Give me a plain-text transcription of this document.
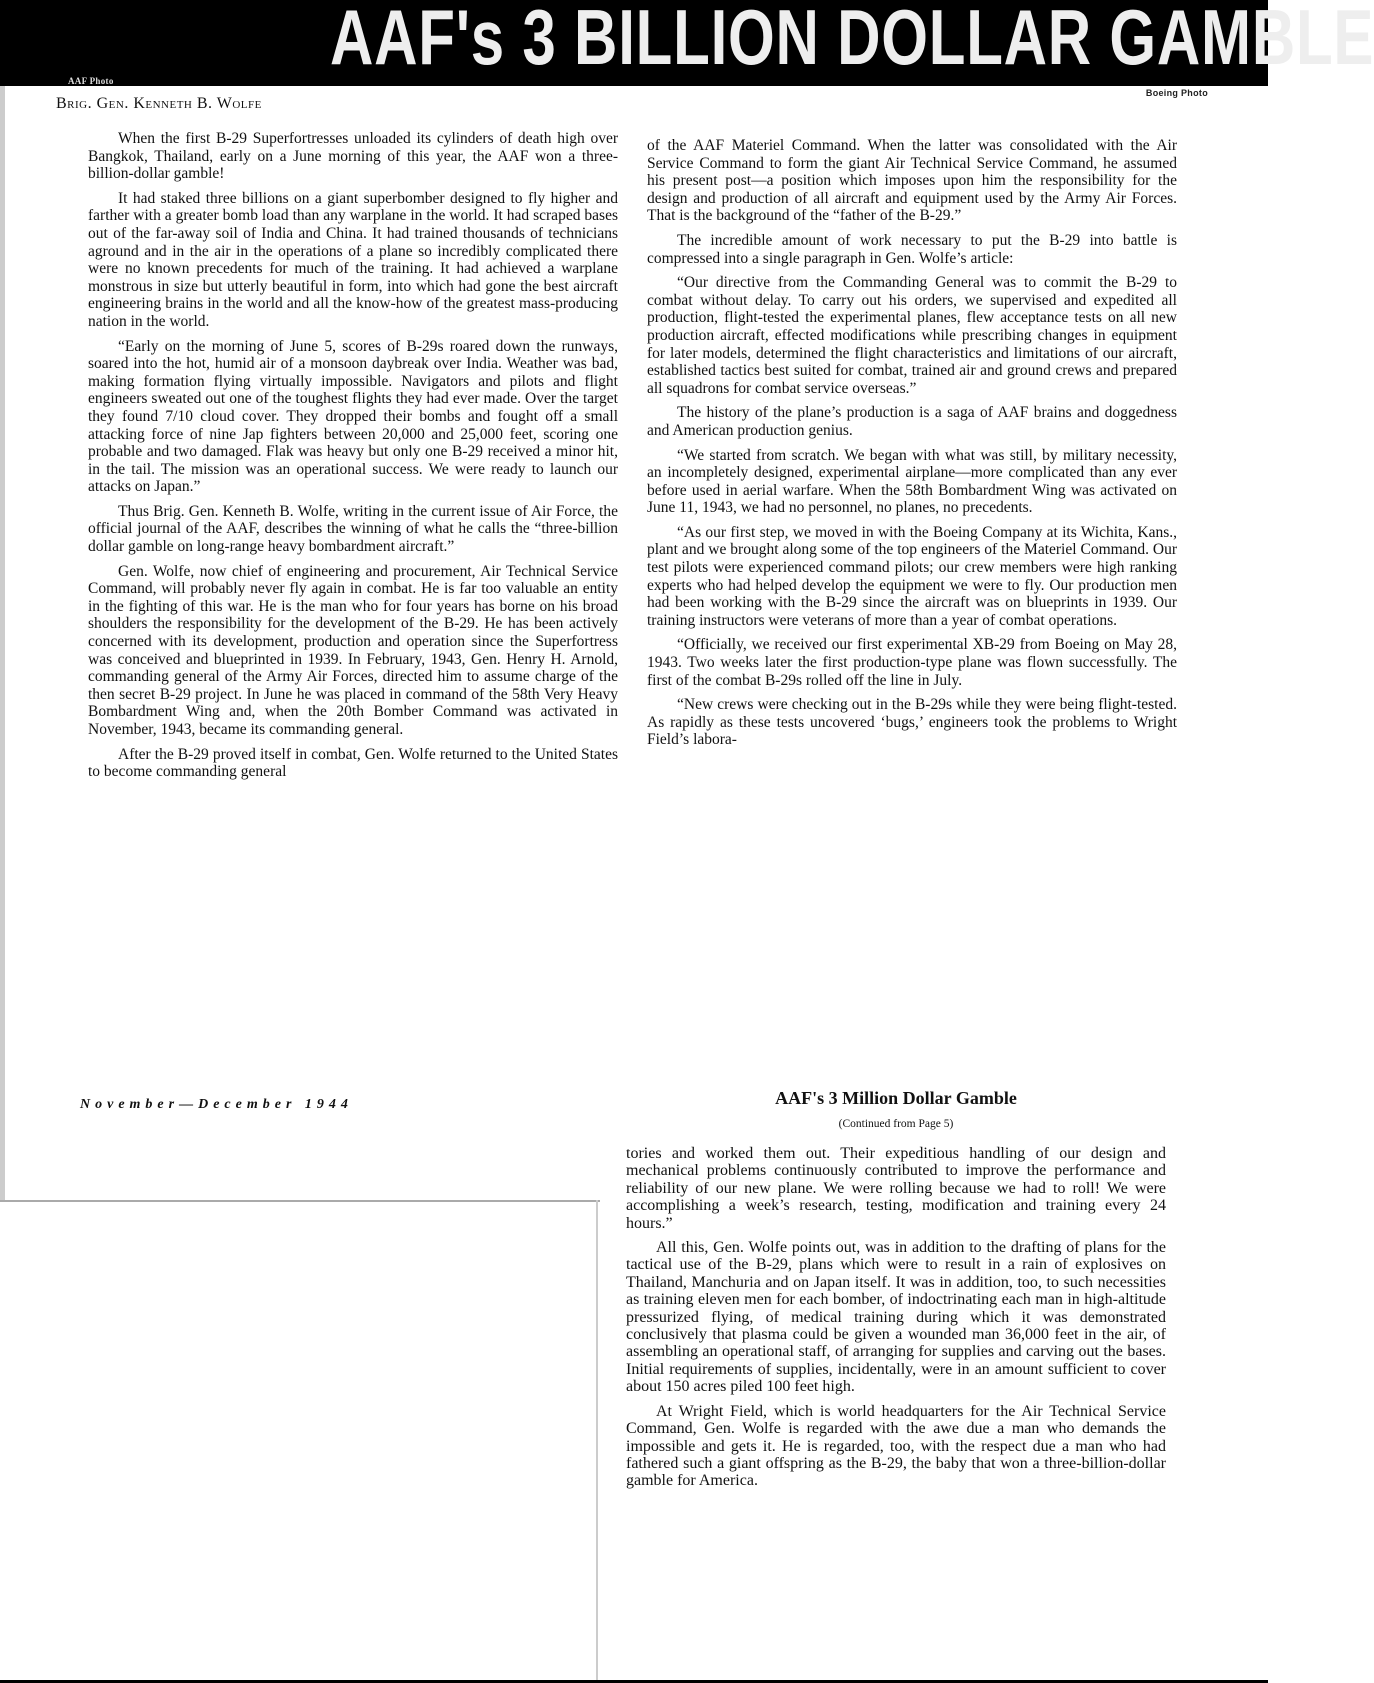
AAF's 3 BILLION DOLLAR GAMBLE
AAF Photo
Boeing Photo
Brig. Gen. Kenneth B. Wolfe

When the first B-29 Superfortresses unloaded its cylinders of death high over Bangkok, Thailand, early on a June morning of this year, the AAF won a three-billion-dollar gamble!

It had staked three billions on a giant superbomber designed to fly higher and farther with a greater bomb load than any warplane in the world. It had scraped bases out of the far-away soil of India and China. It had trained thousands of technicians aground and in the air in the operations of a plane so incredibly complicated there were no known precedents for much of the training. It had achieved a warplane monstrous in size but utterly beautiful in form, into which had gone the best aircraft engineering brains in the world and all the know-how of the greatest mass-producing nation in the world.

“Early on the morning of June 5, scores of B-29s roared down the runways, soared into the hot, humid air of a monsoon daybreak over India. Weather was bad, making formation flying virtually impossible. Navigators and pilots and flight engineers sweated out one of the toughest flights they had ever made. Over the target they found 7/10 cloud cover. They dropped their bombs and fought off a small attacking force of nine Jap fighters between 20,000 and 25,000 feet, scoring one probable and two damaged. Flak was heavy but only one B-29 received a minor hit, in the tail. The mission was an operational success. We were ready to launch our attacks on Japan.”

Thus Brig. Gen. Kenneth B. Wolfe, writing in the current issue of Air Force, the official journal of the AAF, describes the winning of what he calls the “three-billion dollar gamble on long-range heavy bombardment aircraft.”

Gen. Wolfe, now chief of engineering and procurement, Air Technical Service Command, will probably never fly again in combat. He is far too valuable an entity in the fighting of this war. He is the man who for four years has borne on his broad shoulders the responsibility for the development of the B-29. He has been actively concerned with its development, production and operation since the Superfortress was conceived and blueprinted in 1939. In February, 1943, Gen. Henry H. Arnold, commanding general of the Army Air Forces, directed him to assume charge of the then secret B-29 project. In June he was placed in command of the 58th Very Heavy Bombardment Wing and, when the 20th Bomber Command was activated in November, 1943, became its commanding general.

After the B-29 proved itself in combat, Gen. Wolfe returned to the United States to become commanding general

of the AAF Materiel Command. When the latter was consolidated with the Air Service Command to form the giant Air Technical Service Command, he assumed his present post—a position which imposes upon him the responsibility for the design and production of all aircraft and equipment used by the Army Air Forces. That is the background of the “father of the B-29.”

The incredible amount of work necessary to put the B-29 into battle is compressed into a single paragraph in Gen. Wolfe’s article:

“Our directive from the Commanding General was to commit the B-29 to combat without delay. To carry out his orders, we supervised and expedited all production, flight-tested the experimental planes, flew acceptance tests on all new production aircraft, effected modifications while prescribing changes in equipment for later models, determined the flight characteristics and limitations of our aircraft, established tactics best suited for combat, trained air and ground crews and prepared all squadrons for combat service overseas.”

The history of the plane’s production is a saga of AAF brains and doggedness and American production genius.

“We started from scratch. We began with what was still, by military necessity, an incompletely designed, experimental airplane—more complicated than any ever before used in aerial warfare. When the 58th Bombardment Wing was activated on June 11, 1943, we had no personnel, no planes, no precedents.

“As our first step, we moved in with the Boeing Company at its Wichita, Kans., plant and we brought along some of the top engineers of the Materiel Command. Our test pilots were experienced command pilots; our crew members were high ranking experts who had helped develop the equipment we were to fly. Our production men had been working with the B-29 since the aircraft was on blueprints in 1939. Our training instructors were veterans of more than a year of combat operations.

“Officially, we received our first experimental XB-29 from Boeing on May 28, 1943. Two weeks later the first production-type plane was flown successfully. The first of the combat B-29s rolled off the line in July.

“New crews were checking out in the B-29s while they were being flight-tested. As rapidly as these tests uncovered ‘bugs,’ engineers took the problems to Wright Field’s labora-

November—December 1944	AAF's 3 Million Dollar Gamble
(Continued from Page 5)

tories and worked them out. Their expeditious handling of our design and mechanical problems continuously contributed to improve the performance and reliability of our new plane. We were rolling because we had to roll! We were accomplishing a week’s research, testing, modification and training every 24 hours.”

All this, Gen. Wolfe points out, was in addition to the drafting of plans for the tactical use of the B-29, plans which were to result in a rain of explosives on Thailand, Manchuria and on Japan itself. It was in addition, too, to such necessities as training eleven men for each bomber, of indoctrinating each man in high-altitude pressurized flying, of medical training during which it was demonstrated conclusively that plasma could be given a wounded man 36,000 feet in the air, of assembling an operational staff, of arranging for supplies and carving out the bases. Initial requirements of supplies, incidentally, were in an amount sufficient to cover about 150 acres piled 100 feet high.

At Wright Field, which is world headquarters for the Air Technical Service Command, Gen. Wolfe is regarded with the awe due a man who demands the impossible and gets it. He is regarded, too, with the respect due a man who had fathered such a giant offspring as the B-29, the baby that won a three-billion-dollar gamble for America.
